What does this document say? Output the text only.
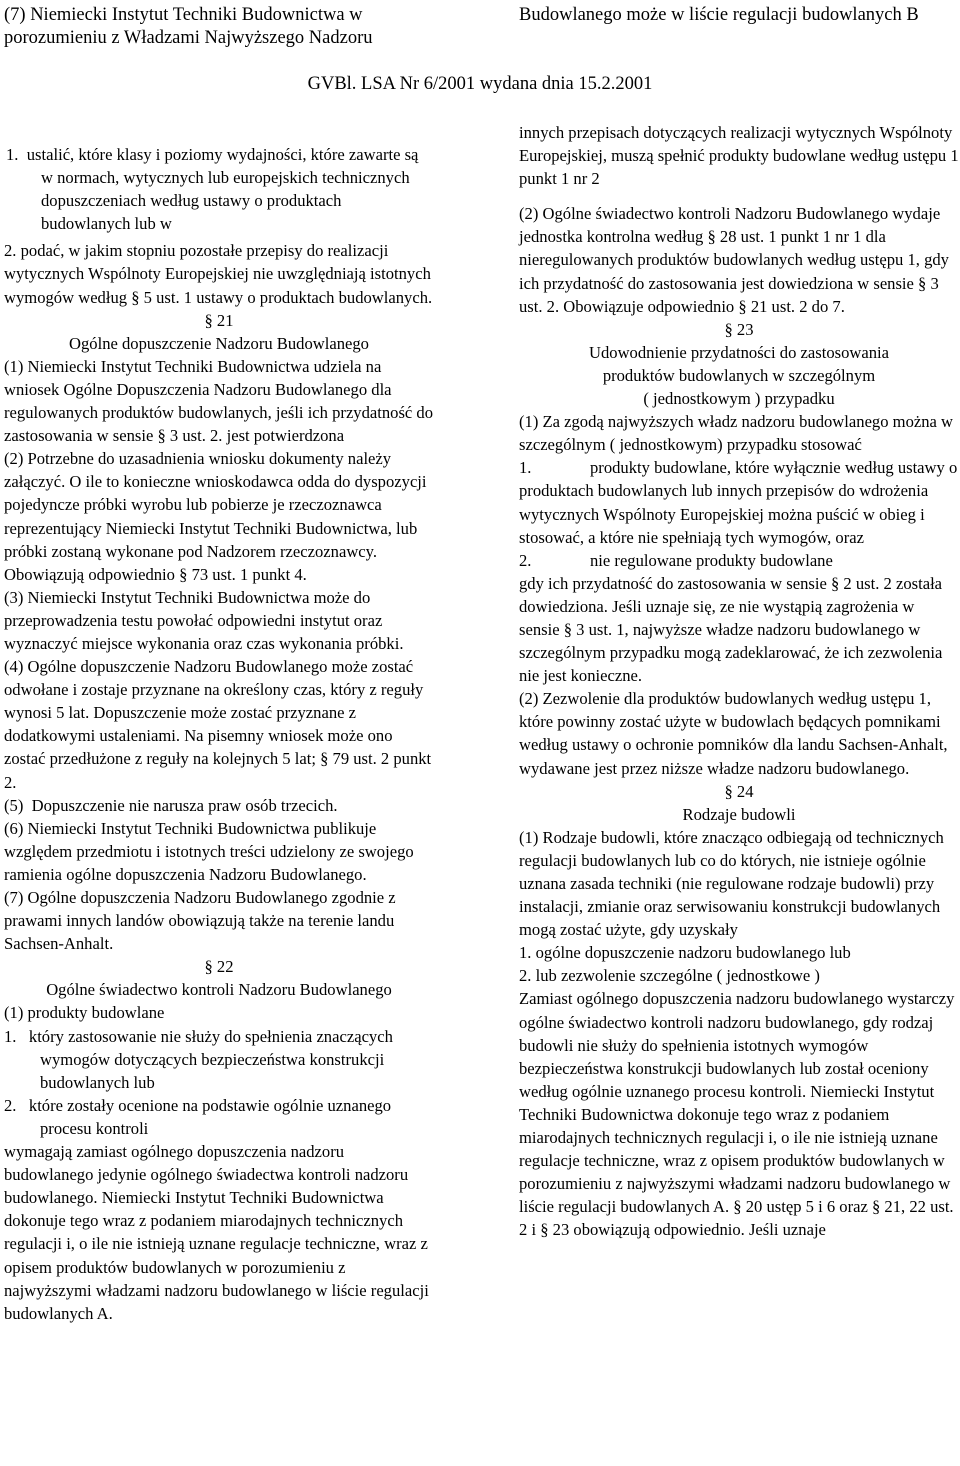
(7) Niemiecki Instytut Techniki Budownictwa w porozumieniu z Władzami Najwyższego Nadzoru
Budowlanego może w liście regulacji budowlanych B
GVBl. LSA Nr 6/2001 wydana dnia 15.2.2001

1.  ustalić, które klasy i poziomy wydajności, które zawarte są w normach, wytycznych lub europejskich technicznych dopuszczeniach według ustawy o produktach budowlanych lub w

2. podać, w jakim stopniu pozostałe przepisy do realizacji wytycznych Wspólnoty Europejskiej nie uwzględniają istotnych wymogów według § 5 ust. 1 ustawy o produktach budowlanych.

§ 21

Ogólne dopuszczenie Nadzoru Budowlanego

(1) Niemiecki Instytut Techniki Budownictwa udziela na wniosek Ogólne Dopuszczenia Nadzoru Budowlanego dla regulowanych produktów budowlanych, jeśli ich przydatność do zastosowania w sensie § 3 ust. 2. jest potwierdzona

(2) Potrzebne do uzasadnienia wniosku dokumenty należy załączyć. O ile to konieczne wnioskodawca odda do dyspozycji pojedyncze próbki wyrobu lub pobierze je rzeczoznawca reprezentujący Niemiecki Instytut Techniki Budownictwa, lub próbki zostaną wykonane pod Nadzorem rzeczoznawcy. Obowiązują odpowiednio § 73 ust. 1 punkt 4.

(3) Niemiecki Instytut Techniki Budownictwa może do przeprowadzenia testu powołać odpowiedni instytut oraz wyznaczyć miejsce wykonania oraz czas wykonania próbki.

(4) Ogólne dopuszczenie Nadzoru Budowlanego może zostać odwołane i zostaje przyznane na określony czas, który z reguły wynosi 5 lat. Dopuszczenie może zostać przyznane z dodatkowymi ustaleniami. Na pisemny wniosek może ono zostać przedłużone z reguły na kolejnych 5 lat; § 79 ust. 2 punkt 2.

(5)  Dopuszczenie nie narusza praw osób trzecich.

(6) Niemiecki Instytut Techniki Budownictwa publikuje względem przedmiotu i istotnych treści udzielony ze swojego ramienia ogólne dopuszczenia Nadzoru Budowlanego.

(7) Ogólne dopuszczenia Nadzoru Budowlanego zgodnie z prawami innych landów obowiązują także na terenie landu Sachsen-Anhalt.

§ 22

Ogólne świadectwo kontroli Nadzoru Budowlanego

(1) produkty budowlane

1.   który zastosowanie nie służy do spełnienia znaczących wymogów dotyczących bezpieczeństwa konstrukcji budowlanych lub

2.   które zostały ocenione na podstawie ogólnie uznanego procesu kontroli

wymagają zamiast ogólnego dopuszczenia nadzoru budowlanego jedynie ogólnego świadectwa kontroli nadzoru budowlanego. Niemiecki Instytut Techniki Budownictwa dokonuje tego wraz z podaniem miarodajnych technicznych regulacji i, o ile nie istnieją uznane regulacje techniczne, wraz z opisem produktów budowlanych w porozumieniu z najwyższymi władzami nadzoru budowlanego w liście regulacji budowlanych A.

innych przepisach dotyczących realizacji wytycznych Wspólnoty Europejskiej, muszą spełnić produkty budowlane według ustępu 1 punkt 1 nr 2

(2) Ogólne świadectwo kontroli Nadzoru Budowlanego wydaje jednostka kontrolna według § 28 ust. 1 punkt 1 nr 1 dla nieregulowanych produktów budowlanych według ustępu 1, gdy ich przydatność do zastosowania jest dowiedziona w sensie § 3 ust. 2. Obowiązuje odpowiednio § 21 ust. 2 do 7.

§ 23

Udowodnienie przydatności do zastosowania

produktów budowlanych w szczególnym

( jednostkowym ) przypadku

(1) Za zgodą najwyższych władz nadzoru budowlanego można w szczególnym ( jednostkowym) przypadku stosować

1.	produkty budowlane, które wyłącznie według ustawy o produktach budowlanych lub innych przepisów do wdrożenia wytycznych Wspólnoty Europejskiej można puścić w obieg i stosować, a które nie spełniają tych wymogów, oraz

2.	nie regulowane produkty budowlane

gdy ich przydatność do zastosowania w sensie § 2 ust. 2 została dowiedziona. Jeśli uznaje się, ze nie wystąpią zagrożenia w sensie § 3 ust. 1, najwyższe władze nadzoru budowlanego w szczególnym przypadku mogą zadeklarować, że ich zezwolenia nie jest konieczne.

(2) Zezwolenie dla produktów budowlanych według ustępu 1, które powinny zostać użyte w budowlach będących pomnikami według ustawy o ochronie pomników dla landu Sachsen-Anhalt, wydawane jest przez niższe władze nadzoru budowlanego.

§ 24

Rodzaje budowli

(1) Rodzaje budowli, które znacząco odbiegają od technicznych regulacji budowlanych lub co do których, nie istnieje ogólnie uznana zasada techniki (nie regulowane rodzaje budowli) przy instalacji, zmianie oraz serwisowaniu konstrukcji budowlanych mogą zostać użyte, gdy uzyskały

1. ogólne dopuszczenie nadzoru budowlanego lub

2. lub zezwolenie szczególne ( jednostkowe )

Zamiast ogólnego dopuszczenia nadzoru budowlanego wystarczy ogólne świadectwo kontroli nadzoru budowlanego, gdy rodzaj budowli nie służy do spełnienia istotnych wymogów bezpieczeństwa konstrukcji budowlanych lub został oceniony według ogólnie uznanego procesu kontroli. Niemiecki Instytut Techniki Budownictwa dokonuje tego wraz z podaniem miarodajnych technicznych regulacji i, o ile nie istnieją uznane regulacje techniczne, wraz z opisem produktów budowlanych w porozumieniu z najwyższymi władzami nadzoru budowlanego w liście regulacji budowlanych A. § 20 ustęp 5 i 6 oraz § 21, 22 ust. 2 i § 23 obowiązują odpowiednio. Jeśli uznaje
